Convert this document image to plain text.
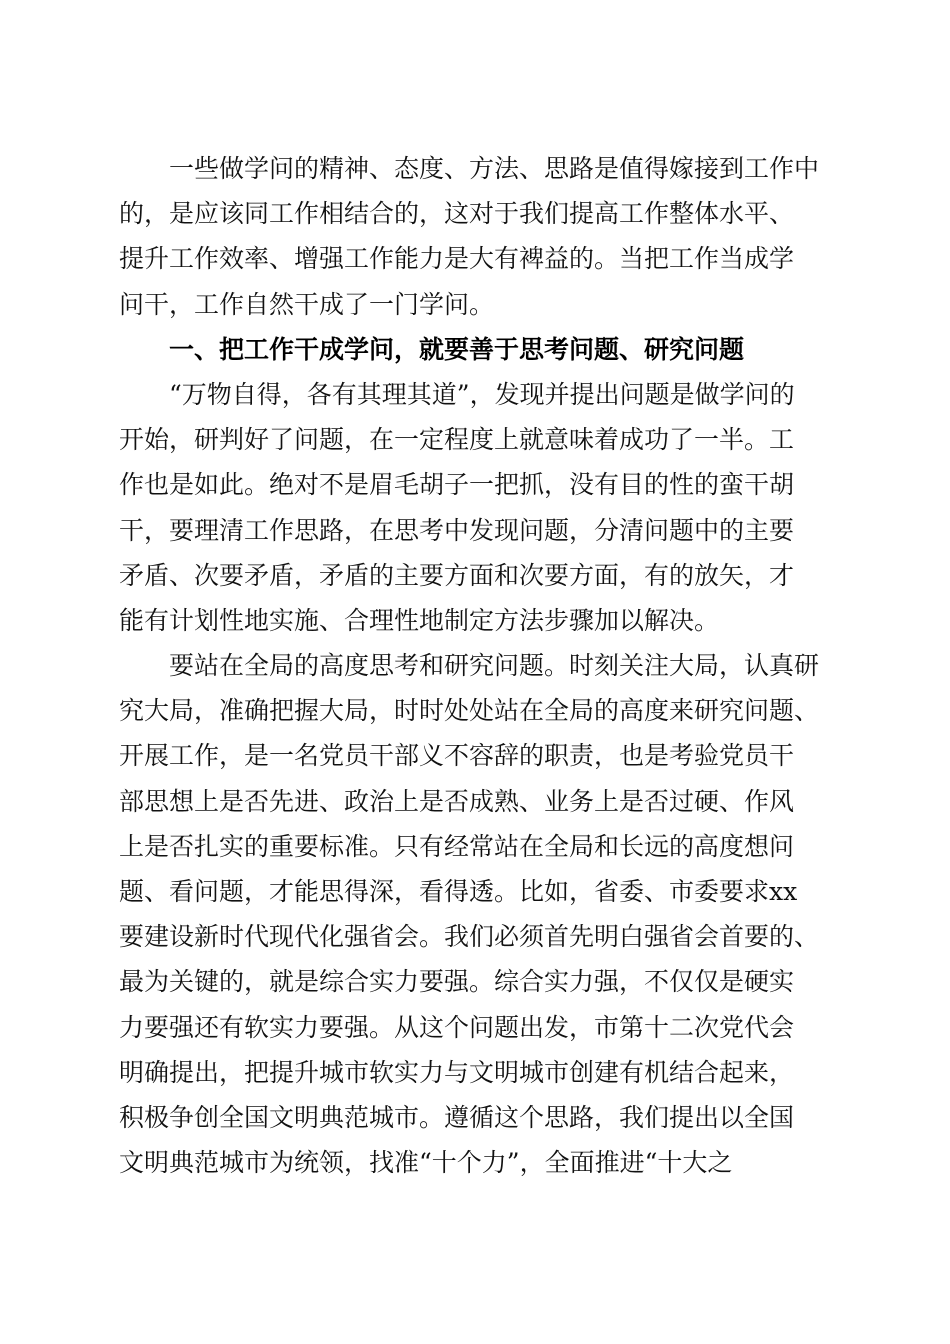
　　一些做学问的精神、态度、方法、思路是值得嫁接到工作中
的，是应该同工作相结合的，这对于我们提高工作整体水平、
提升工作效率、增强工作能力是大有裨益的。当把工作当成学
问干，工作自然干成了一门学问。
　　一、把工作干成学问，就要善于思考问题、研究问题
　　“万物自得，各有其理其道”，发现并提出问题是做学问的
开始，研判好了问题，在一定程度上就意味着成功了一半。工
作也是如此。绝对不是眉毛胡子一把抓，没有目的性的蛮干胡
干，要理清工作思路，在思考中发现问题，分清问题中的主要
矛盾、次要矛盾，矛盾的主要方面和次要方面，有的放矢，才
能有计划性地实施、合理性地制定方法步骤加以解决。
　　要站在全局的高度思考和研究问题。时刻关注大局，认真研
究大局，准确把握大局，时时处处站在全局的高度来研究问题、
开展工作，是一名党员干部义不容辞的职责，也是考验党员干
部思想上是否先进、政治上是否成熟、业务上是否过硬、作风
上是否扎实的重要标准。只有经常站在全局和长远的高度想问
题、看问题，才能思得深，看得透。比如，省委、市委要求xx
要建设新时代现代化强省会。我们必须首先明白强省会首要的、
最为关键的，就是综合实力要强。综合实力强，不仅仅是硬实
力要强还有软实力要强。从这个问题出发，市第十二次党代会
明确提出，把提升城市软实力与文明城市创建有机结合起来，
积极争创全国文明典范城市。遵循这个思路，我们提出以全国
文明典范城市为统领，找准“十个力”，全面推进“十大之
